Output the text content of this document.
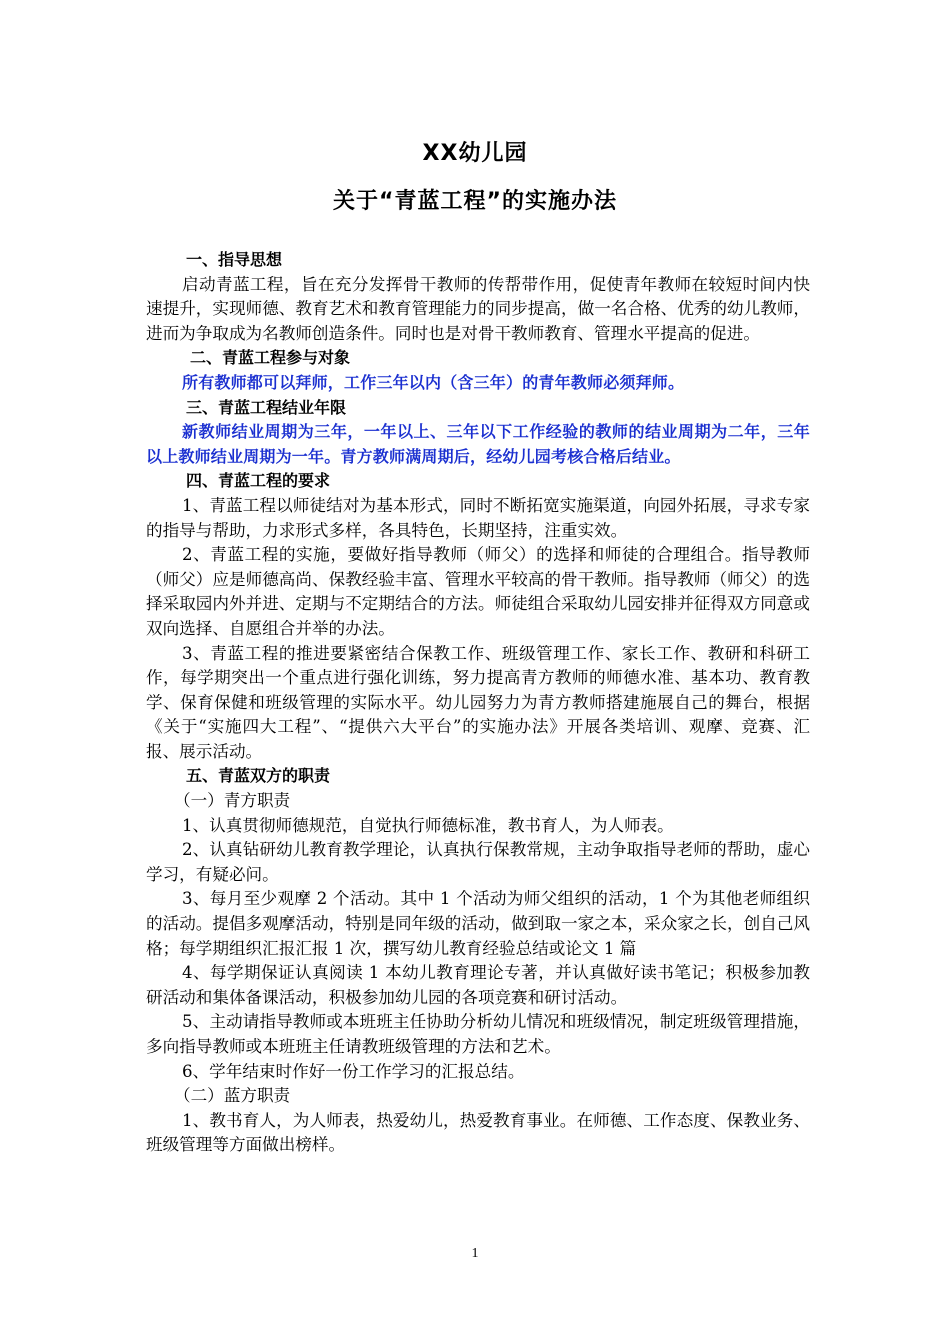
XX幼儿园
关于“青蓝工程”的实施办法

一、指导思想

启动青蓝工程，旨在充分发挥骨干教师的传帮带作用，促使青年教师在较短时间内快速提升，实现师德、教育艺术和教育管理能力的同步提高，做一名合格、优秀的幼儿教师，进而为争取成为名教师创造条件。同时也是对骨干教师教育、管理水平提高的促进。

二、青蓝工程参与对象

所有教师都可以拜师，工作三年以内（含三年）的青年教师必须拜师。

三、青蓝工程结业年限

新教师结业周期为三年，一年以上、三年以下工作经验的教师的结业周期为二年，三年以上教师结业周期为一年。青方教师满周期后，经幼儿园考核合格后结业。

四、青蓝工程的要求

1、青蓝工程以师徒结对为基本形式，同时不断拓宽实施渠道，向园外拓展，寻求专家的指导与帮助，力求形式多样，各具特色，长期坚持，注重实效。

2、青蓝工程的实施，要做好指导教师（师父）的选择和师徒的合理组合。指导教师（师父）应是师德高尚、保教经验丰富、管理水平较高的骨干教师。指导教师（师父）的选择采取园内外并进、定期与不定期结合的方法。师徒组合采取幼儿园安排并征得双方同意或双向选择、自愿组合并举的办法。

3、青蓝工程的推进要紧密结合保教工作、班级管理工作、家长工作、教研和科研工作，每学期突出一个重点进行强化训练，努力提高青方教师的师德水准、基本功、教育教学、保育保健和班级管理的实际水平。幼儿园努力为青方教师搭建施展自己的舞台，根据《关于“实施四大工程”、“提供六大平台”的实施办法》开展各类培训、观摩、竞赛、汇报、展示活动。

五、青蓝双方的职责

（一）青方职责

1、认真贯彻师德规范，自觉执行师德标准，教书育人，为人师表。

2、认真钻研幼儿教育教学理论，认真执行保教常规，主动争取指导老师的帮助，虚心学习，有疑必问。

3、每月至少观摩 2 个活动。其中 1 个活动为师父组织的活动，1 个为其他老师组织的活动。提倡多观摩活动，特别是同年级的活动，做到取一家之本，采众家之长，创自己风格；每学期组织汇报汇报 1 次，撰写幼儿教育经验总结或论文 1 篇

4、每学期保证认真阅读 1 本幼儿教育理论专著，并认真做好读书笔记；积极参加教研活动和集体备课活动，积极参加幼儿园的各项竞赛和研讨活动。

5、主动请指导教师或本班班主任协助分析幼儿情况和班级情况，制定班级管理措施，多向指导教师或本班班主任请教班级管理的方法和艺术。

6、学年结束时作好一份工作学习的汇报总结。

（二）蓝方职责

1、教书育人，为人师表，热爱幼儿，热爱教育事业。在师德、工作态度、保教业务、班级管理等方面做出榜样。

1
